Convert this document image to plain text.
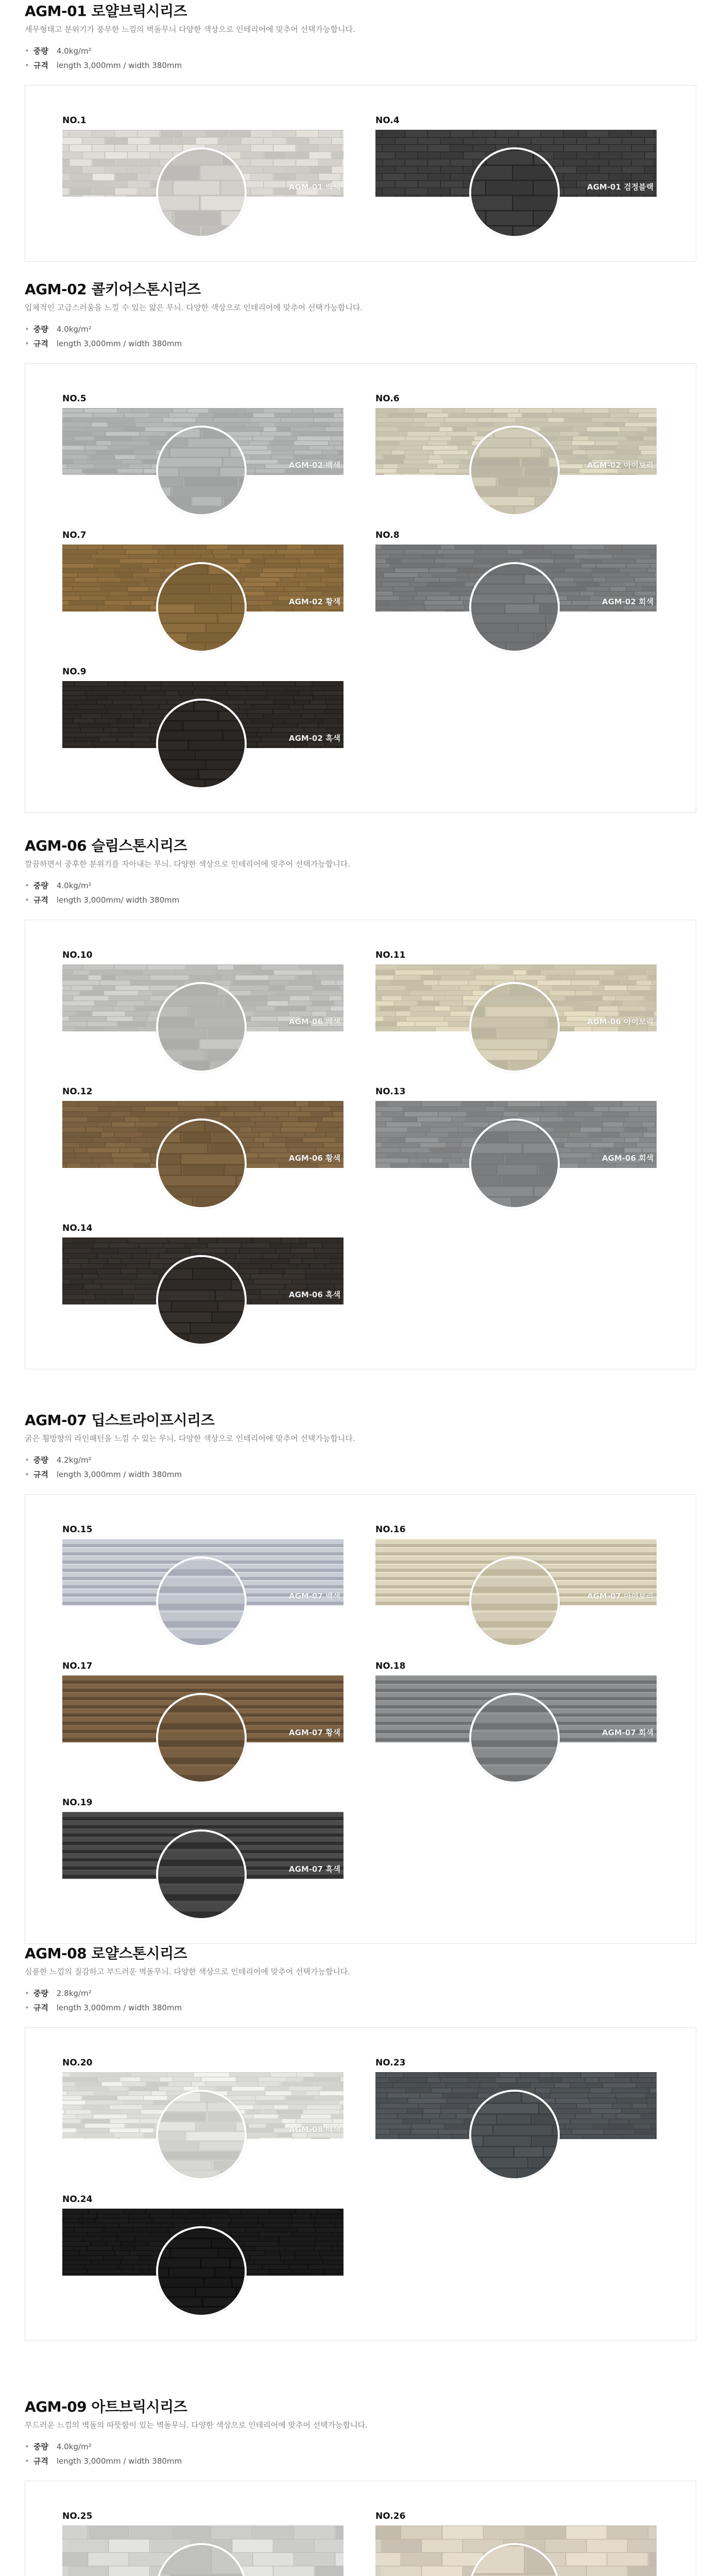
AGM-01 로얄브릭시리즈

세무형태고 분위기가 풍부한 느낌의 벽돌무늬 다양한 색상으로 인테리어에 맞추어 선택가능합니다.

• 중량 4.0kg/m²
• 규격 length 3,000mm / width 380mm
NO.1
AGM-01 백색
NO.4
AGM-01 검정블랙
AGM-02 콜키어스톤시리즈

입체적인 고급스러움을 느낄 수 있는 얇은 무늬. 다양한 색상으로 인테리어에 맞추어 선택가능합니다.

• 중량 4.0kg/m²
• 규격 length 3,000mm / width 380mm
NO.5
AGM-02 백색
NO.6
AGM-02 아이보리
NO.7
AGM-02 황색
NO.8
AGM-02 회색
NO.9
AGM-02 흑색
AGM-06 슬림스톤시리즈

깔끔하면서 중후한 분위기를 자아내는 무늬. 다양한 색상으로 인테리어에 맞추어 선택가능합니다.

• 중량 4.0kg/m²
• 규격 length 3,000mm/ width 380mm
NO.10
AGM-06 백색
NO.11
AGM-06 아이보리
NO.12
AGM-06 황색
NO.13
AGM-06 회색
NO.14
AGM-06 흑색
AGM-07 딥스트라이프시리즈

굵은 횡방향의 라인패턴을 느낄 수 있는 무늬. 다양한 색상으로 인테리어에 맞추어 선택가능합니다.

• 중량 4.2kg/m²
• 규격 length 3,000mm / width 380mm
NO.15
AGM-07 백색
NO.16
AGM-07 아이보리
NO.17
AGM-07 황색
NO.18
AGM-07 회색
NO.19
AGM-07 흑색
AGM-08 로얄스톤시리즈

심플한 느낌의 질감하고 부드러운 벽돌무늬. 다양한 색상으로 인테리어에 맞추어 선택가능합니다.

• 중량 2.8kg/m²
• 규격 length 3,000mm / width 380mm
NO.20
AGM-08 백색
NO.23
NO.24
AGM-09 아트브릭시리즈

부드러운 느낌의 벽돌의 따뜻함이 있는 벽돌무늬. 다양한 색상으로 인테리어에 맞추어 선택가능합니다.

• 중량 4.0kg/m²
• 규격 length 3,000mm / width 380mm
NO.25	NO.26
